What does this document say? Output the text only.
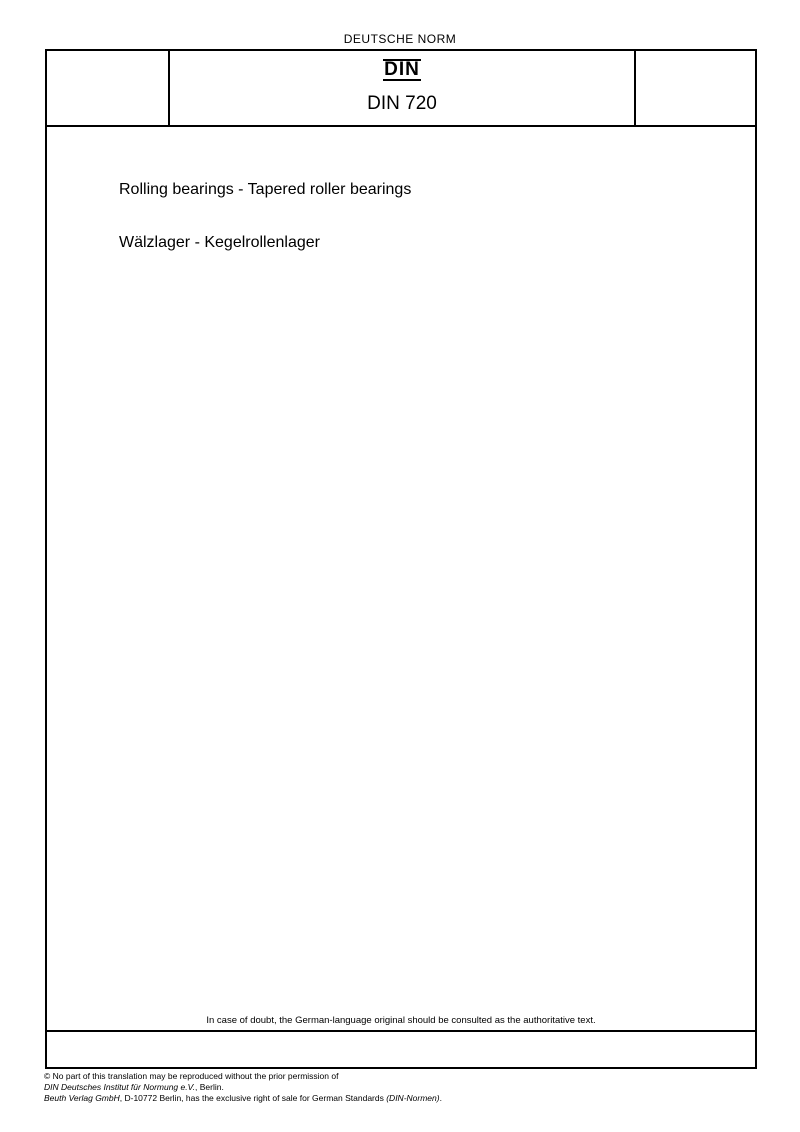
DEUTSCHE NORM
DIN
DIN 720
Rolling bearings - Tapered roller bearings
Wälzlager - Kegelrollenlager
In case of doubt, the German-language original should be consulted as the authoritative text.
© No part of this translation may be reproduced without the prior permission of
DIN Deutsches Institut für Normung e.V., Berlin.
Beuth Verlag GmbH, D-10772 Berlin, has the exclusive right of sale for German Standards (DIN-Normen).
